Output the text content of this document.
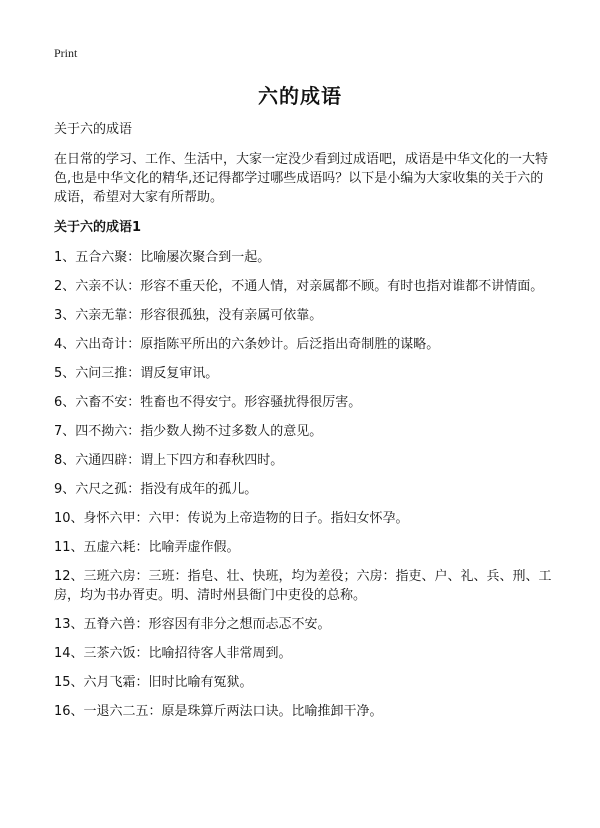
Print
六的成语

关于六的成语

在日常的学习、工作、生活中，大家一定没少看到过成语吧，成语是中华文化的一大特色,也是中华文化的精华,还记得都学过哪些成语吗？以下是小编为大家收集的关于六的成语，希望对大家有所帮助。

关于六的成语1

1、五合六聚：比喻屡次聚合到一起。
2、六亲不认：形容不重天伦，不通人情，对亲属都不顾。有时也指对谁都不讲情面。
3、六亲无靠：形容很孤独，没有亲属可依靠。
4、六出奇计：原指陈平所出的六条妙计。后泛指出奇制胜的谋略。
5、六问三推：谓反复审讯。
6、六畜不安：牲畜也不得安宁。形容骚扰得很厉害。
7、四不拗六：指少数人拗不过多数人的意见。
8、六通四辟：谓上下四方和春秋四时。
9、六尺之孤：指没有成年的孤儿。
10、身怀六甲：六甲：传说为上帝造物的日子。指妇女怀孕。
11、五虚六耗：比喻弄虚作假。
12、三班六房：三班：指皂、壮、快班，均为差役；六房：指吏、户、礼、兵、刑、工房，均为书办胥吏。明、清时州县衙门中吏役的总称。
13、五脊六兽：形容因有非分之想而忐忑不安。
14、三茶六饭：比喻招待客人非常周到。
15、六月飞霜：旧时比喻有冤狱。
16、一退六二五：原是珠算斤两法口诀。比喻推卸干净。
